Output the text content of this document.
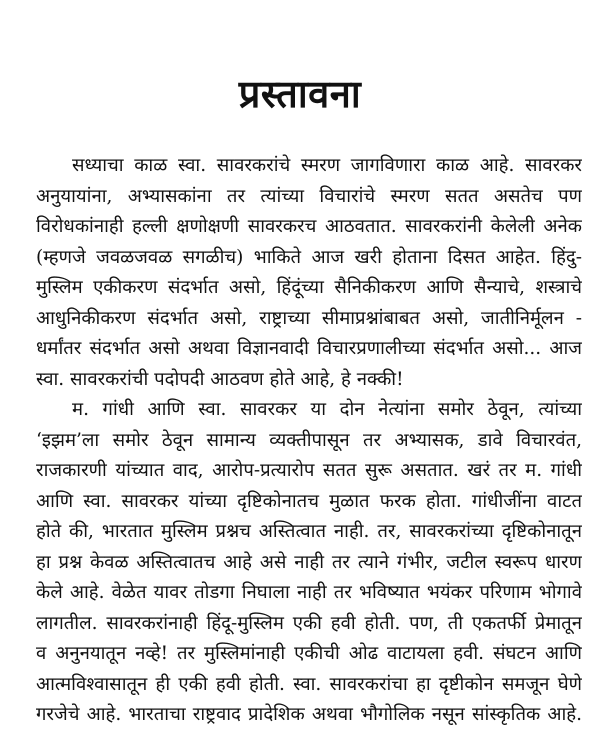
प्रस्तावना
सध्याचा काळ स्वा. सावरकरांचे स्मरण जागविणारा काळ आहे. सावरकर
अनुयायांना, अभ्यासकांना तर त्यांच्या विचारांचे स्मरण सतत असतेच पण
विरोधकांनाही हल्ली क्षणोक्षणी सावरकरच आठवतात. सावरकरांनी केलेली अनेक
(म्हणजे जवळजवळ सगळीच) भाकिते आज खरी होताना दिसत आहेत. हिंदु-
मुस्लिम एकीकरण संदर्भात असो, हिंदूंच्या सैनिकीकरण आणि सैन्याचे, शस्त्राचे
आधुनिकीकरण संदर्भात असो, राष्ट्राच्या सीमाप्रश्नांबाबत असो, जातीनिर्मूलन -
धर्मांतर संदर्भात असो अथवा विज्ञानवादी विचारप्रणालीच्या संदर्भात असो... आज
स्वा. सावरकरांची पदोपदी आठवण होते आहे, हे नक्की!
म. गांधी आणि स्वा. सावरकर या दोन नेत्यांना समोर ठेवून, त्यांच्या
‘इझम’ला समोर ठेवून सामान्य व्यक्तीपासून तर अभ्यासक, डावे विचारवंत,
राजकारणी यांच्यात वाद, आरोप-प्रत्यारोप सतत सुरू असतात. खरं तर म. गांधी
आणि स्वा. सावरकर यांच्या दृष्टिकोनातच मुळात फरक होता. गांधीजींना वाटत
होते की, भारतात मुस्लिम प्रश्नच अस्तित्वात नाही. तर, सावरकरांच्या दृष्टिकोनातून
हा प्रश्न केवळ अस्तित्वातच आहे असे नाही तर त्याने गंभीर, जटील स्वरूप धारण
केले आहे. वेळेत यावर तोडगा निघाला नाही तर भविष्यात भयंकर परिणाम भोगावे
लागतील. सावरकरांनाही हिंदू-मुस्लिम एकी हवी होती. पण, ती एकतर्फी प्रेमातून
व अनुनयातून नव्हे! तर मुस्लिमांनाही एकीची ओढ वाटायला हवी. संघटन आणि
आत्मविश्वासातून ही एकी हवी होती. स्वा. सावरकरांचा हा दृष्टीकोन समजून घेणे
गरजेचे आहे. भारताचा राष्ट्रवाद प्रादेशिक अथवा भौगोलिक नसून सांस्कृतिक आहे.
